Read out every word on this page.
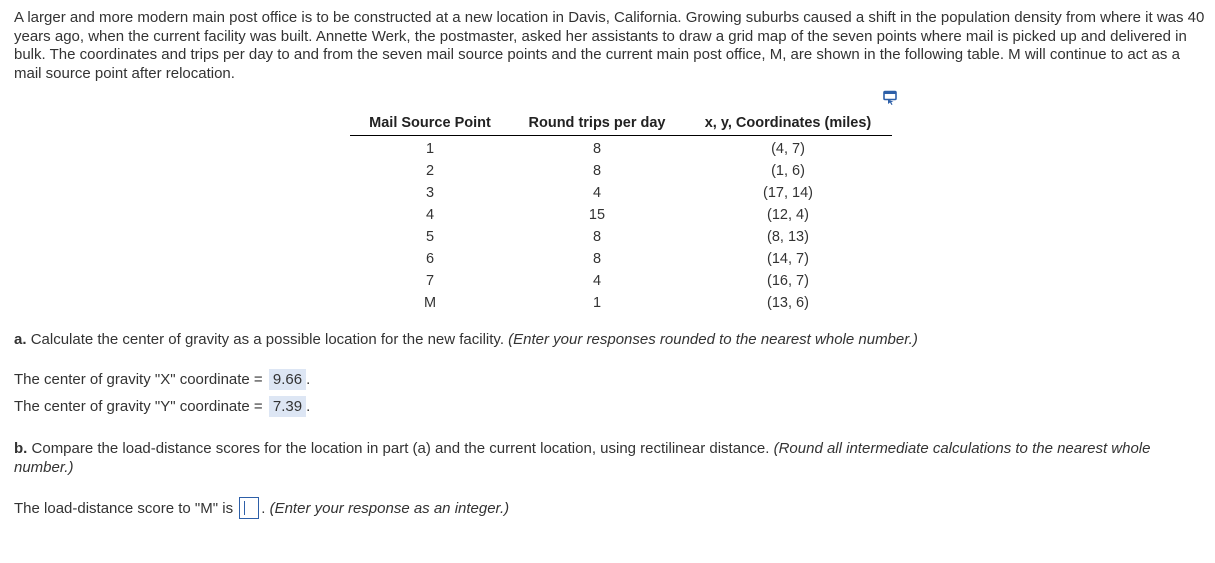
A larger and more modern main post office is to be constructed at a new location in Davis, California. Growing suburbs caused a shift in the population density from where it was 40 years ago, when the current facility was built. Annette Werk, the postmaster, asked her assistants to draw a grid map of the seven points where mail is picked up and delivered in bulk. The coordinates and trips per day to and from the seven mail source points and the current main post office, M, are shown in the following table. M will continue to act as a mail source point after relocation.

Mail Source Point	Round trips per day	x, y, Coordinates (miles)
1	8	(4, 7)
2	8	(1, 6)
3	4	(17, 14)
4	15	(12, 4)
5	8	(8, 13)
6	8	(14, 7)
7	4	(16, 7)
M	1	(13, 6)

a. Calculate the center of gravity as a possible location for the new facility. (Enter your responses rounded to the nearest whole number.)

The center of gravity "X" coordinate = 9.66 .

The center of gravity "Y" coordinate = 7.39 .

b. Compare the load-distance scores for the location in part (a) and the current location, using rectilinear distance. (Round all intermediate calculations to the nearest whole number.)

The load-distance score to "M" is . (Enter your response as an integer.)
